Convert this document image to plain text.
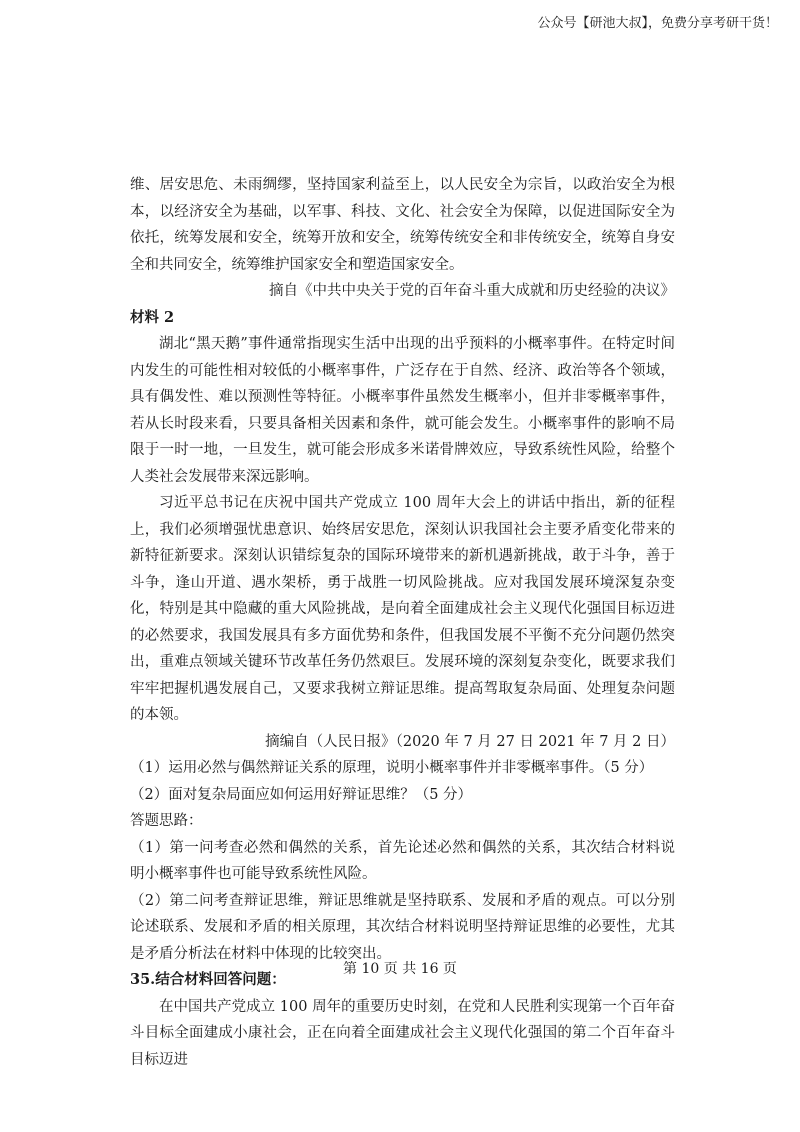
公众号【研池大叔】，免费分享考研干货！

维、居安思危、未雨绸缪，坚持国家利益至上，以人民安全为宗旨，以政治安全为根本，以经济安全为基础，以军事、科技、文化、社会安全为保障，以促进国际安全为依托，统筹发展和安全，统筹开放和安全，统筹传统安全和非传统安全，统筹自身安全和共同安全，统筹维护国家安全和塑造国家安全。

摘自《中共中央关于党的百年奋斗重大成就和历史经验的决议》

材料 2

湖北“黑天鹅”事件通常指现实生活中出现的出乎预料的小概率事件。在特定时间内发生的可能性相对较低的小概率事件，广泛存在于自然、经济、政治等各个领域，具有偶发性、难以预测性等特征。小概率事件虽然发生概率小，但并非零概率事件，若从长时段来看，只要具备相关因素和条件，就可能会发生。小概率事件的影响不局限于一时一地，一旦发生，就可能会形成多米诺骨牌效应，导致系统性风险，给整个人类社会发展带来深远影响。

习近平总书记在庆祝中国共产党成立 100 周年大会上的讲话中指出，新的征程上，我们必须增强忧患意识、始终居安思危，深刻认识我国社会主要矛盾变化带来的新特征新要求。深刻认识错综复杂的国际环境带来的新机遇新挑战，敢于斗争，善于斗争，逢山开道、遇水架桥，勇于战胜一切风险挑战。应对我国发展环境深复杂变化，特别是其中隐藏的重大风险挑战，是向着全面建成社会主义现代化强国目标迈进的必然要求，我国发展具有多方面优势和条件，但我国发展不平衡不充分问题仍然突出，重难点领域关键环节改革任务仍然艰巨。发展环境的深刻复杂变化，既要求我们牢牢把握机遇发展自己，又要求我树立辩证思维。提高驾取复杂局面、处理复杂问题的本领。

摘编自（人民日报》（2020 年 7 月 27 日 2021 年 7 月 2 日）

（1）运用必然与偶然辩证关系的原理，说明小概率事件并非零概率事件。（5 分）

（2）面对复杂局面应如何运用好辩证思维？（5 分）

答题思路：

（1）第一问考查必然和偶然的关系，首先论述必然和偶然的关系，其次结合材料说明小概率事件也可能导致系统性风险。

（2）第二问考查辩证思维，辩证思维就是坚持联系、发展和矛盾的观点。可以分别论述联系、发展和矛盾的相关原理，其次结合材料说明坚持辩证思维的必要性，尤其是矛盾分析法在材料中体现的比较突出。

35.结合材料回答问题：

在中国共产党成立 100 周年的重要历史时刻，在党和人民胜利实现第一个百年奋斗目标全面建成小康社会，正在向着全面建成社会主义现代化强国的第二个百年奋斗目标迈进

第 10 页 共 16 页
